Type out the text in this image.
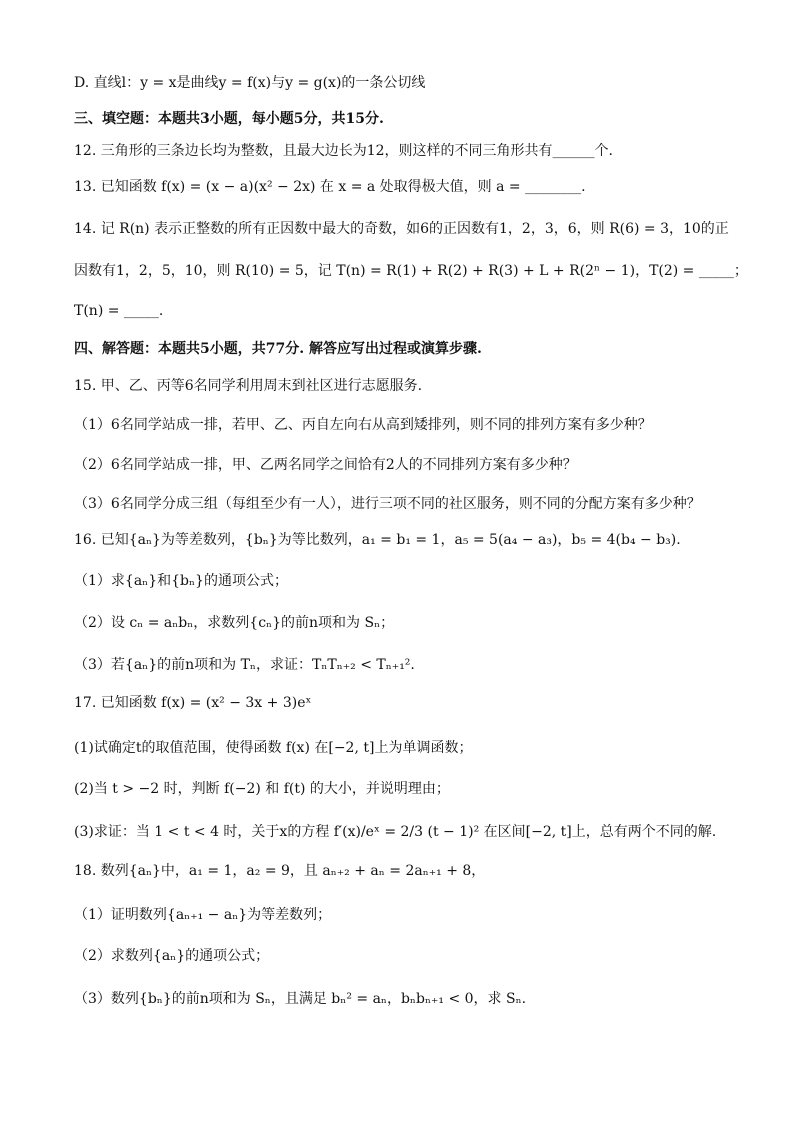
D. 直线l：y = x是曲线y = f(x)与y = g(x)的一条公切线
三、填空题：本题共3小题，每小题5分，共15分.
12. 三角形的三条边长均为整数，且最大边长为12，则这样的不同三角形共有______个.
13. 已知函数 f(x) = (x − a)(x² − 2x) 在 x = a 处取得极大值，则 a = ________.
14. 记 R(n) 表示正整数的所有正因数中最大的奇数，如6的正因数有1，2，3，6，则 R(6) = 3，10的正
因数有1，2，5，10，则 R(10) = 5，记 T(n) = R(1) + R(2) + R(3) + L + R(2ⁿ − 1)，T(2) = _____；
T(n) = _____.
四、解答题：本题共5小题，共77分. 解答应写出过程或演算步骤.
15. 甲、乙、丙等6名同学利用周末到社区进行志愿服务.
（1）6名同学站成一排，若甲、乙、丙自左向右从高到矮排列，则不同的排列方案有多少种？
（2）6名同学站成一排，甲、乙两名同学之间恰有2人的不同排列方案有多少种？
（3）6名同学分成三组（每组至少有一人），进行三项不同的社区服务，则不同的分配方案有多少种？
16. 已知{aₙ}为等差数列，{bₙ}为等比数列，a₁ = b₁ = 1，a₅ = 5(a₄ − a₃)，b₅ = 4(b₄ − b₃).
（1）求{aₙ}和{bₙ}的通项公式；
（2）设 cₙ = aₙbₙ，求数列{cₙ}的前n项和为 Sₙ；
（3）若{aₙ}的前n项和为 Tₙ，求证：TₙTₙ₊₂ < Tₙ₊₁².
17. 已知函数 f(x) = (x² − 3x + 3)eˣ
(1)试确定t的取值范围，使得函数 f(x) 在[−2, t]上为单调函数；
(2)当 t > −2 时，判断 f(−2) 和 f(t) 的大小，并说明理由；
(3)求证：当 1 < t < 4 时，关于x的方程 f′(x)/eˣ = 2/3 (t − 1)² 在区间[−2, t]上，总有两个不同的解.
18. 数列{aₙ}中，a₁ = 1，a₂ = 9，且 aₙ₊₂ + aₙ = 2aₙ₊₁ + 8，
（1）证明数列{aₙ₊₁ − aₙ}为等差数列；
（2）求数列{aₙ}的通项公式；
（3）数列{bₙ}的前n项和为 Sₙ，且满足 bₙ² = aₙ，bₙbₙ₊₁ < 0，求 Sₙ.
